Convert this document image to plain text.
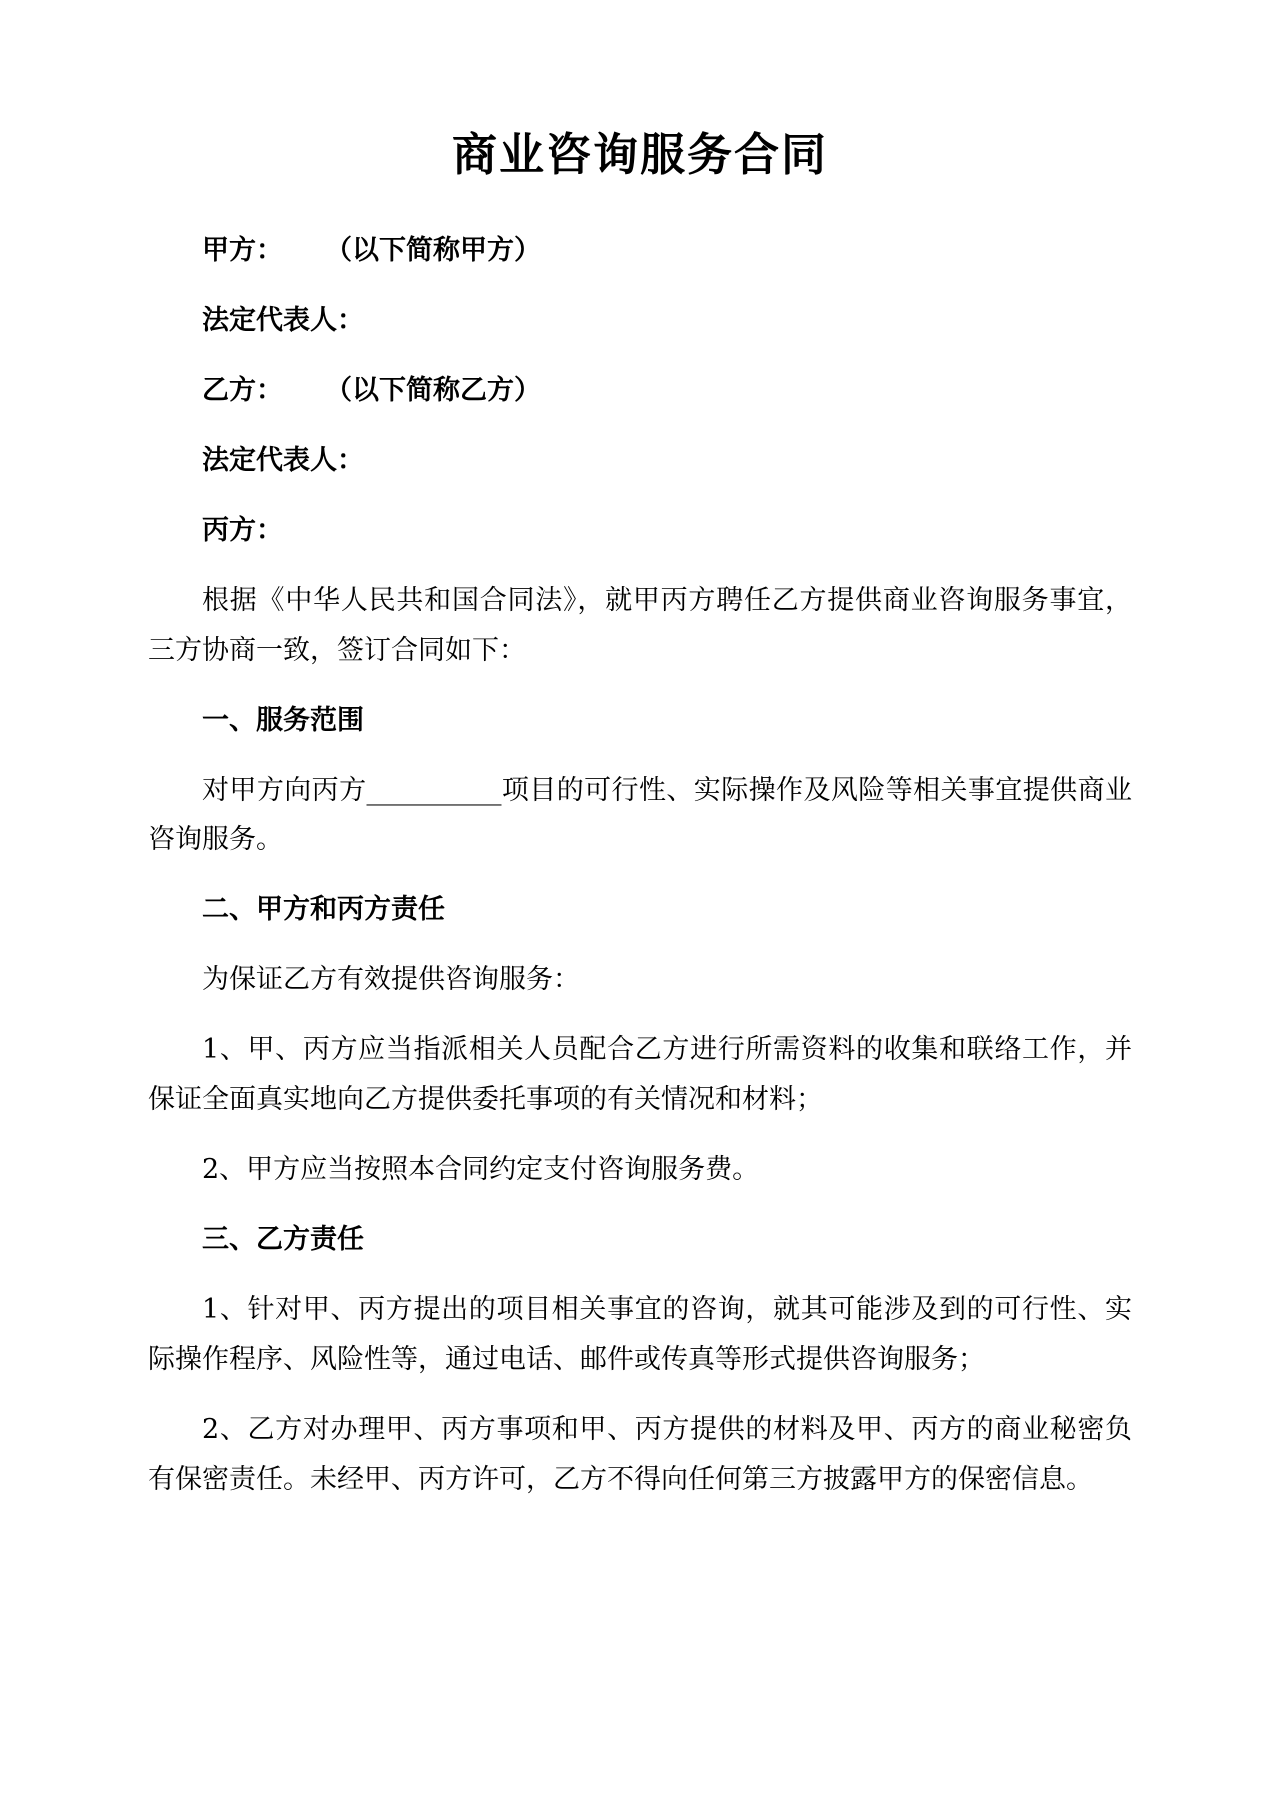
商业咨询服务合同

甲方： （以下简称甲方）

法定代表人：

乙方： （以下简称乙方）

法定代表人：

丙方：

根据《中华人民共和国合同法》，就甲丙方聘任乙方提供商业咨询服务事宜，三方协商一致，签订合同如下：

一、服务范围

对甲方向丙方__________项目的可行性、实际操作及风险等相关事宜提供商业咨询服务。

二、甲方和丙方责任

为保证乙方有效提供咨询服务：

1、甲、丙方应当指派相关人员配合乙方进行所需资料的收集和联络工作，并保证全面真实地向乙方提供委托事项的有关情况和材料；

2、甲方应当按照本合同约定支付咨询服务费。

三、乙方责任

1、针对甲、丙方提出的项目相关事宜的咨询，就其可能涉及到的可行性、实际操作程序、风险性等，通过电话、邮件或传真等形式提供咨询服务；

2、乙方对办理甲、丙方事项和甲、丙方提供的材料及甲、丙方的商业秘密负有保密责任。未经甲、丙方许可，乙方不得向任何第三方披露甲方的保密信息。
